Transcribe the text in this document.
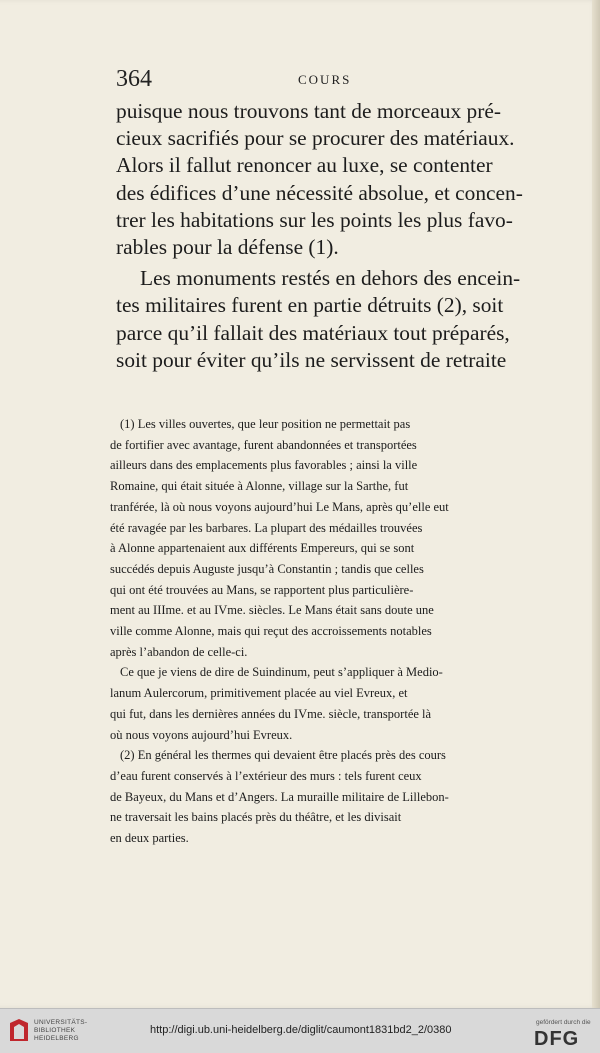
364	COURS

puisque nous trouvons tant de morceaux pré-
cieux sacrifiés pour se procurer des matériaux.
Alors il fallut renoncer au luxe, se contenter
des édifices d’une nécessité absolue, et concen-
trer les habitations sur les points les plus favo-
rables pour la défense (1).

Les monuments restés en dehors des encein-
tes militaires furent en partie détruits (2), soit
parce qu’il fallait des matériaux tout préparés,
soit pour éviter qu’ils ne servissent de retraite

(1) Les villes ouvertes, que leur position ne permettait pas
de fortifier avec avantage, furent abandonnées et transportées
ailleurs dans des emplacements plus favorables ; ainsi la ville
Romaine, qui était située à Alonne, village sur la Sarthe, fut
tranférée, là où nous voyons aujourd’hui Le Mans, après qu’elle eut
été ravagée par les barbares. La plupart des médailles trouvées
à Alonne appartenaient aux différents Empereurs, qui se sont
succédés depuis Auguste jusqu’à Constantin ; tandis que celles
qui ont été trouvées au Mans, se rapportent plus particulière-
ment au IIIme. et au IVme. siècles. Le Mans était sans doute une
ville comme Alonne, mais qui reçut des accroissements notables
après l’abandon de celle-ci.

Ce que je viens de dire de Suindinum, peut s’appliquer à Medio-
lanum Aulercorum, primitivement placée au viel Evreux, et
qui fut, dans les dernières années du IVme. siècle, transportée là
où nous voyons aujourd’hui Evreux.

(2) En général les thermes qui devaient être placés près des cours
d’eau furent conservés à l’extérieur des murs : tels furent ceux
de Bayeux, du Mans et d’Angers. La muraille militaire de Lillebon-
ne traversait les bains placés près du théâtre, et les divisait
en deux parties.

UNIVERSITÄTS-
BIBLIOTHEK
HEIDELBERG
http://digi.ub.uni-heidelberg.de/diglit/caumont1831bd2_2/0380
gefördert durch die
DFG
